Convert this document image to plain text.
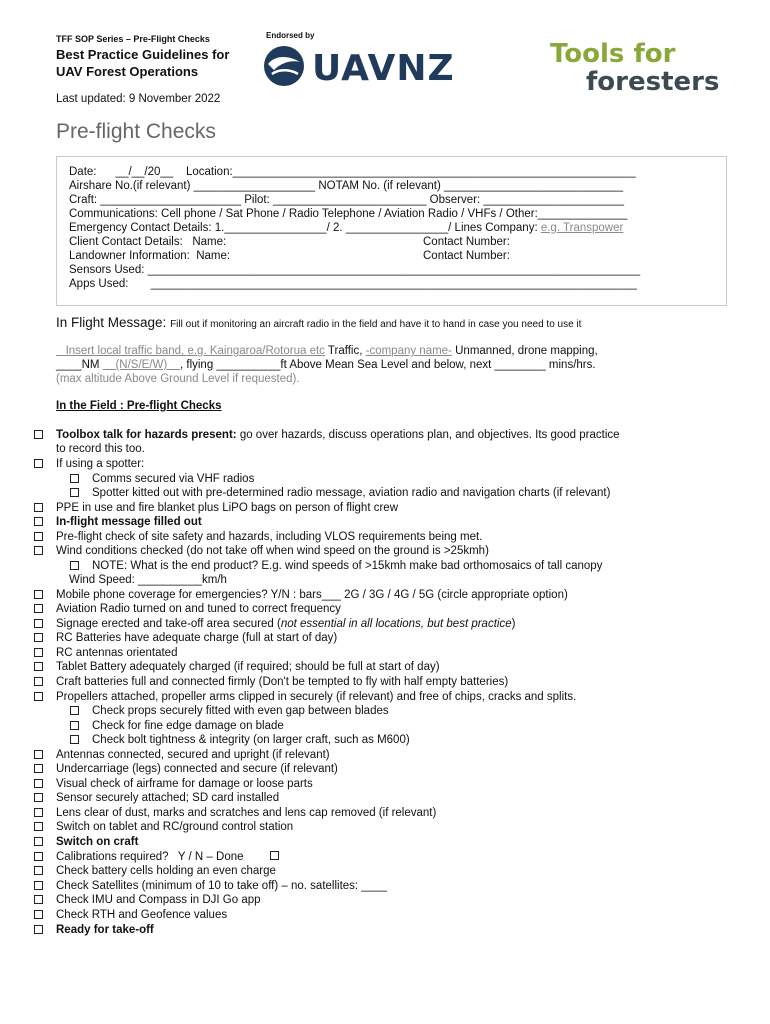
TFF SOP Series – Pre-Flight Checks
Best Practice Guidelines for
UAV Forest Operations
Last updated: 9 November 2022
Endorsed by
UAVNZ	Tools for
foresters
Pre-flight Checks
Date:      __/__/20__    Location:_______________________________________________________________
Airshare No.(if relevant) ___________________ NOTAM No. (if relevant) ____________________________
Craft: ______________________ Pilot: ________________________ Observer: ______________________
Communications: Cell phone / Sat Phone / Radio Telephone / Aviation Radio / VHFs / Other:______________
Emergency Contact Details: 1.________________/ 2. ________________/ Lines Company: e.g. Transpower
Client Contact Details:   Name:	Contact Number:
Landowner Information:  Name:	Contact Number:
Sensors Used: _____________________________________________________________________________
Apps Used:       ____________________________________________________________________________
In Flight Message: Fill out if monitoring an aircraft radio in the field and have it to hand in case you need to use it
Insert local traffic band, e.g. Kaingaroa/Rotorua etc Traffic, -company name- Unmanned, drone mapping,
____NM     (N/S/E/W)    , flying __________ft Above Mean Sea Level and below, next ________ mins/hrs.
(max altitude Above Ground Level if requested).
In the Field : Pre-flight Checks
Toolbox talk for hazards present: go over hazards, discuss operations plan, and objectives. Its good practice
to record this too.
If using a spotter:
Comms secured via VHF radios
Spotter kitted out with pre-determined radio message, aviation radio and navigation charts (if relevant)
PPE in use and fire blanket plus LiPO bags on person of flight crew
In-flight message filled out
Pre-flight check of site safety and hazards, including VLOS requirements being met.
Wind conditions checked (do not take off when wind speed on the ground is >25kmh)
NOTE: What is the end product? E.g. wind speeds of >15kmh make bad orthomosaics of tall canopy
Wind Speed: __________km/h
Mobile phone coverage for emergencies? Y/N : bars___ 2G / 3G / 4G / 5G (circle appropriate option)
Aviation Radio turned on and tuned to correct frequency
Signage erected and take-off area secured (not essential in all locations, but best practice)
RC Batteries have adequate charge (full at start of day)
RC antennas orientated
Tablet Battery adequately charged (if required; should be full at start of day)
Craft batteries full and connected firmly (Don't be tempted to fly with half empty batteries)
Propellers attached, propeller arms clipped in securely (if relevant) and free of chips, cracks and splits.
Check props securely fitted with even gap between blades
Check for fine edge damage on blade
Check bolt tightness & integrity (on larger craft, such as M600)
Antennas connected, secured and upright (if relevant)
Undercarriage (legs) connected and secure (if relevant)
Visual check of airframe for damage or loose parts
Sensor securely attached; SD card installed
Lens clear of dust, marks and scratches and lens cap removed (if relevant)
Switch on tablet and RC/ground control station
Switch on craft
Calibrations required?   Y / N – Done
Check battery cells holding an even charge
Check Satellites (minimum of 10 to take off) – no. satellites: ____
Check IMU and Compass in DJI Go app
Check RTH and Geofence values
Ready for take-off
